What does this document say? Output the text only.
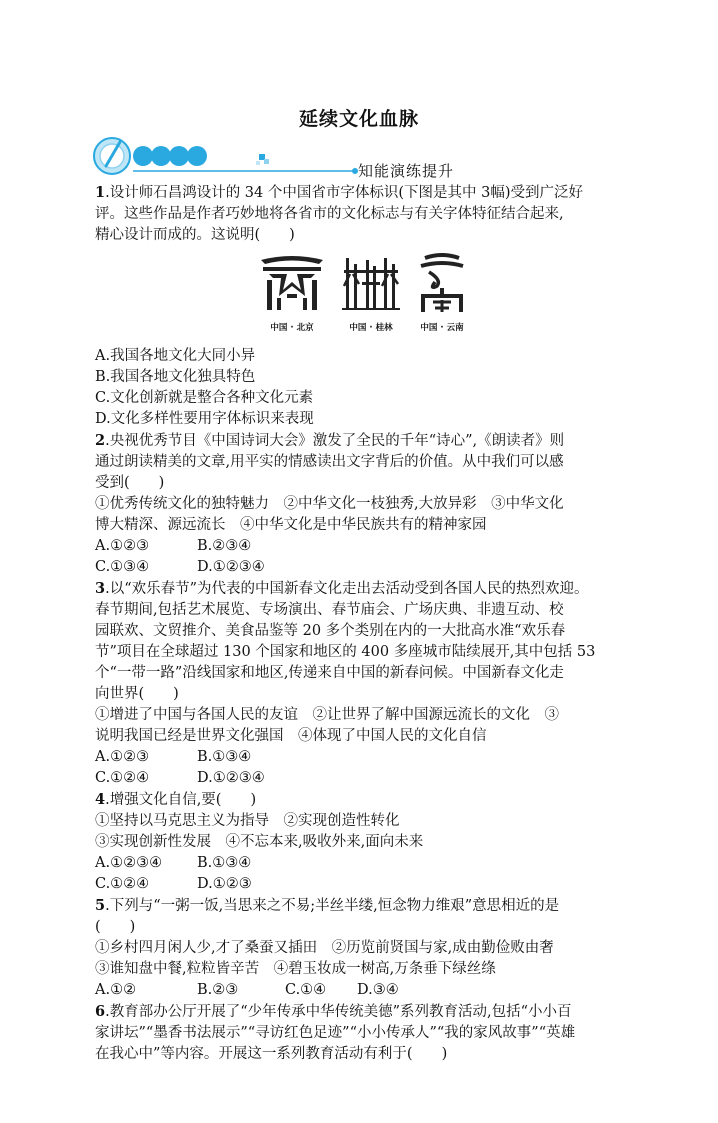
延续文化血脉
知能演练提升
1.设计师石昌鸿设计的 34 个中国省市字体标识(下图是其中 3幅)受到广泛好
评。这些作品是作者巧妙地将各省市的文化标志与有关字体特征结合起来,
精心设计而成的。这说明(　　)
中国 · 北京	中国 · 桂林	中国 · 云南
A.我国各地文化大同小异
B.我国各地文化独具特色
C.文化创新就是整合各种文化元素
D.文化多样性要用字体标识来表现
2.央视优秀节目《中国诗词大会》激发了全民的千年“诗心”,《朗读者》则
通过朗读精美的文章,用平实的情感读出文字背后的价值。从中我们可以感
受到(　　)
①优秀传统文化的独特魅力　②中华文化一枝独秀,大放异彩　③中华文化
博大精深、源远流长　④中华文化是中华民族共有的精神家园
A.①②③	B.②③④
C.①③④	D.①②③④
3.以“欢乐春节”为代表的中国新春文化走出去活动受到各国人民的热烈欢迎。
春节期间,包括艺术展览、专场演出、春节庙会、广场庆典、非遗互动、校
园联欢、文贸推介、美食品鉴等 20 多个类别在内的一大批高水准“欢乐春
节”项目在全球超过 130 个国家和地区的 400 多座城市陆续展开,其中包括 53
个“一带一路”沿线国家和地区,传递来自中国的新春问候。中国新春文化走
向世界(　　)
①增进了中国与各国人民的友谊　②让世界了解中国源远流长的文化　③
说明我国已经是世界文化强国　④体现了中国人民的文化自信
A.①②③	B.①③④
C.①②④	D.①②③④
4.增强文化自信,要(　　)
①坚持以马克思主义为指导　②实现创造性转化
③实现创新性发展　④不忘本来,吸收外来,面向未来
A.①②③④	B.①③④
C.①②④	D.①②③
5.下列与“一粥一饭,当思来之不易;半丝半缕,恒念物力维艰”意思相近的是
(　　)
①乡村四月闲人少,才了桑蚕又插田　②历览前贤国与家,成由勤俭败由奢
③谁知盘中餐,粒粒皆辛苦　④碧玉妆成一树高,万条垂下绿丝绦
A.①②	B.②③	C.①④ D.③④
6.教育部办公厅开展了“少年传承中华传统美德”系列教育活动,包括“小小百
家讲坛”“墨香书法展示”“寻访红色足迹”“小小传承人”“我的家风故事”“英雄
在我心中”等内容。开展这一系列教育活动有利于(　　)
